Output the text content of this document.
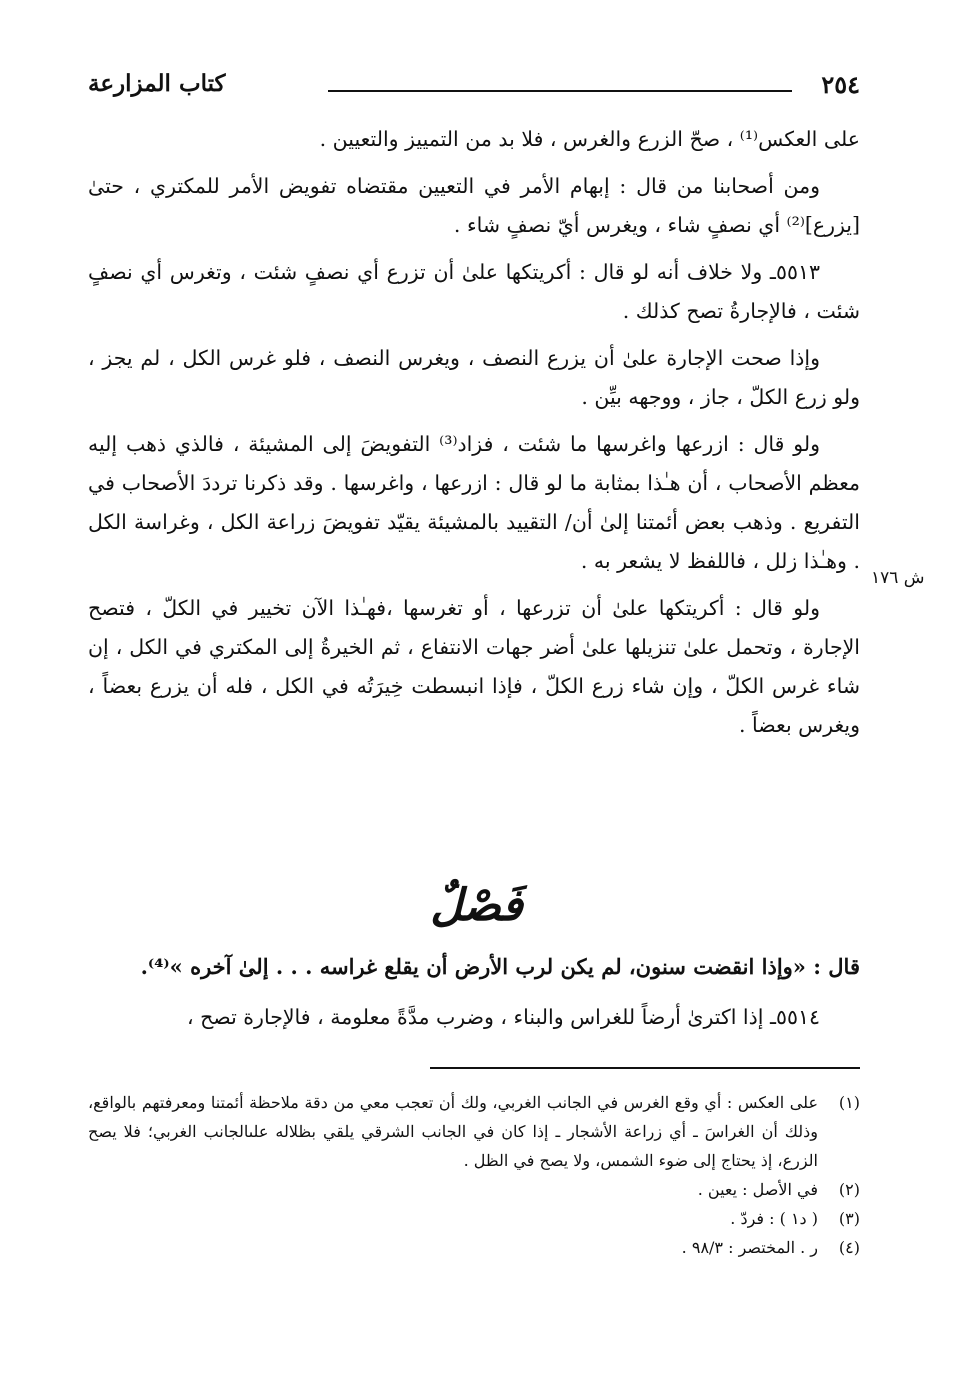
٢٥٤
كتاب المزارعة
ش ١٧٦

على العكس⁽¹⁾ ، صحّ الزرع والغرس ، فلا بد من التمييز والتعيين .

ومن أصحابنا من قال : إبهام الأمر في التعيين مقتضاه تفويض الأمر للمكتري ، حتىٰ [يزرع]⁽²⁾ أي نصفٍ شاء ، ويغرس أيّ نصفٍ شاء .

٥٥١٣ـ ولا خلاف أنه لو قال : أكريتكها علىٰ أن تزرع أي نصفٍ شئت ، وتغرس أي نصفٍ شئت ، فالإجارةُ تصح كذلك .

وإذا صحت الإجارة علىٰ أن يزرع النصف ، ويغرس النصف ، فلو غرس الكل ، لم يجز ، ولو زرع الكلّ ، جاز ، ووجهه بيِّن .

ولو قال : ازرعها واغرسها ما شئت ، فزاد⁽³⁾ التفويضَ إلى المشيئة ، فالذي ذهب إليه معظم الأصحاب ، أن هـٰذا بمثابة ما لو قال : ازرعها ، واغرسها . وقد ذكرنا ترددَ الأصحاب في التفريع . وذهب بعض أئمتنا إلىٰ أن/ التقييد بالمشيئة يقيّد تفويضَ زراعة الكل ، وغراسة الكل . وهـٰذا زلل ، فاللفظ لا يشعر به .

ولو قال : أكريتكها علىٰ أن تزرعها ، أو تغرسها ،فهـٰذا الآن تخيير في الكلّ ، فتصح الإجارة ، وتحمل علىٰ تنزيلها علىٰ أضر جهات الانتفاع ، ثم الخيرةُ إلى المكتري في الكل ، إن شاء غرس الكلّ ، وإن شاء زرع الكلّ ، فإذا انبسطت خِيرَتُه في الكل ، فله أن يزرع بعضاً ، ويغرس بعضاً .

فَصْلٌ
قال : «وإذا انقضت سنون، لم يكن لرب الأرض أن يقلع غراسه . . . إلىٰ آخره »⁽⁴⁾.
٥٥١٤ـ إذا اكترىٰ أرضاً للغراس والبناء ، وضرب مدَّةً معلومة ، فالإجارة تصح ،
(١)
على العكس : أي وقع الغرس في الجانب الغربي، ولك أن تعجب معي من دقة ملاحظة أئمتنا ومعرفتهم بالواقع، وذلك أن الغراسَ ـ أي زراعة الأشجار ـ إذا كان في الجانب الشرقي يلقي بظلاله علىالجانب الغربي؛ فلا يصح الزرع، إذ يحتاج إلى ضوء الشمس، ولا يصح في الظل .
(٢)
في الأصل : يعين .
(٣)
( د١ ) : فردّ .
(٤)
ر . المختصر : ٩٨/٣ .
